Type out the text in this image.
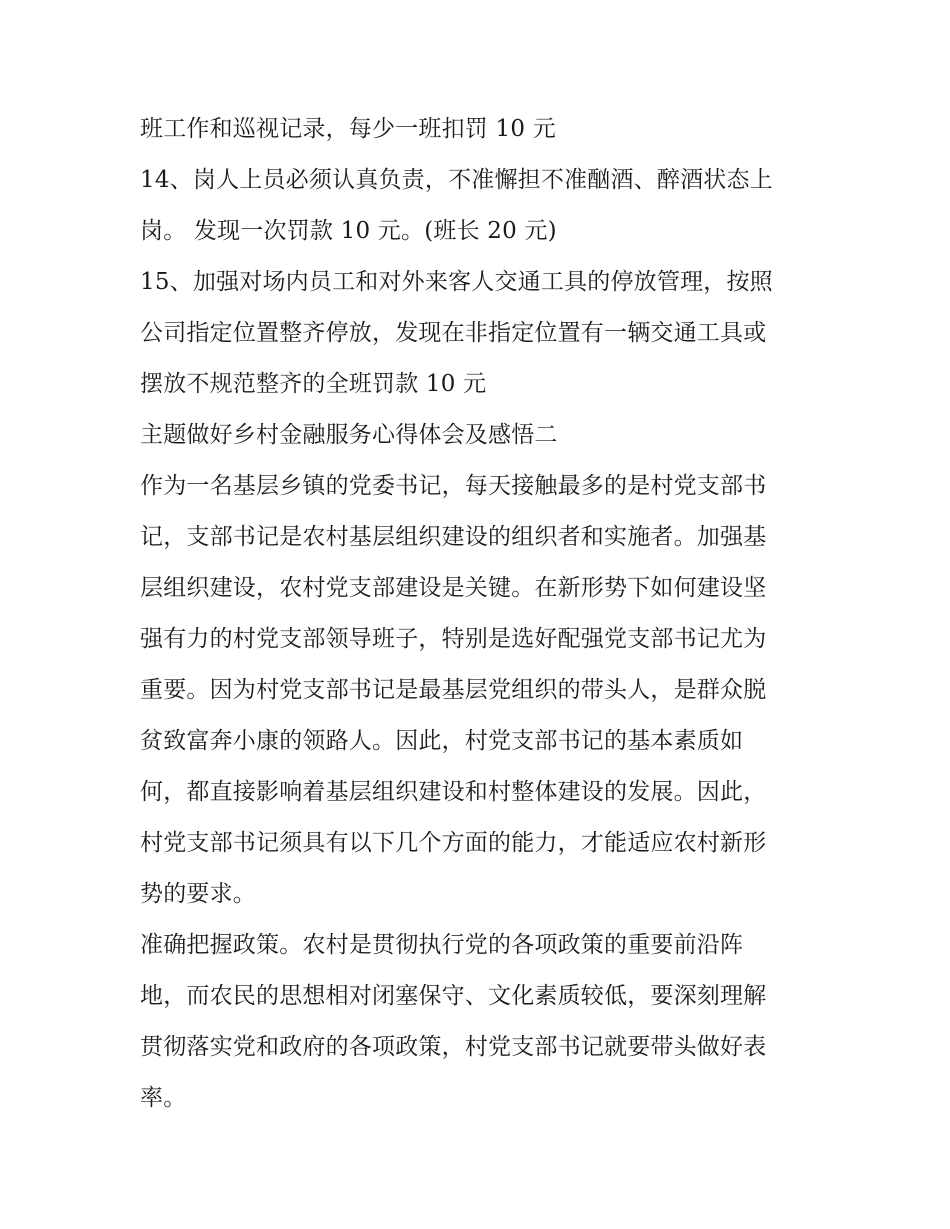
班工作和巡视记录，每少一班扣罚 10 元
14、岗人上员必须认真负责，不准懈担不准酗酒、醉酒状态上
岗。 发现一次罚款 10 元。(班长 20 元)
15、加强对场内员工和对外来客人交通工具的停放管理，按照
公司指定位置整齐停放，发现在非指定位置有一辆交通工具或
摆放不规范整齐的全班罚款 10 元
主题做好乡村金融服务心得体会及感悟二
作为一名基层乡镇的党委书记，每天接触最多的是村党支部书
记，支部书记是农村基层组织建设的组织者和实施者。加强基
层组织建设，农村党支部建设是关键。在新形势下如何建设坚
强有力的村党支部领导班子，特别是选好配强党支部书记尤为
重要。因为村党支部书记是最基层党组织的带头人，是群众脱
贫致富奔小康的领路人。因此，村党支部书记的基本素质如
何，都直接影响着基层组织建设和村整体建设的发展。因此，
村党支部书记须具有以下几个方面的能力，才能适应农村新形
势的要求。
准确把握政策。农村是贯彻执行党的各项政策的重要前沿阵
地，而农民的思想相对闭塞保守、文化素质较低，要深刻理解
贯彻落实党和政府的各项政策，村党支部书记就要带头做好表
率。
